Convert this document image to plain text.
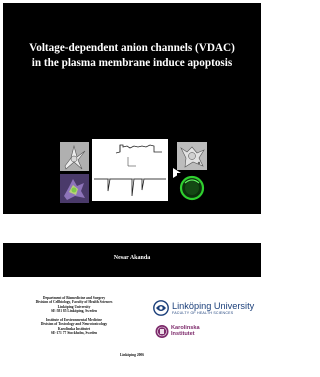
Voltage-dependent anion channels (VDAC)
in the plasma membrane induce apoptosis
Nesar Akanda
Department of Biomedicine and Surgery
Division of Cellbiology, Faculty of Health Sciences
Linköping University
SE-581 85 Linköping, Sweden
Institute of Environmental Medicine
Division of Toxicology and Neurotoxicology
Karolinska Institutet
SE-171 77 Stockholm, Sweden
Linköping University
FACULTY OF HEALTH SCIENCES
Karolinska
Institutet
Linköping 2006
